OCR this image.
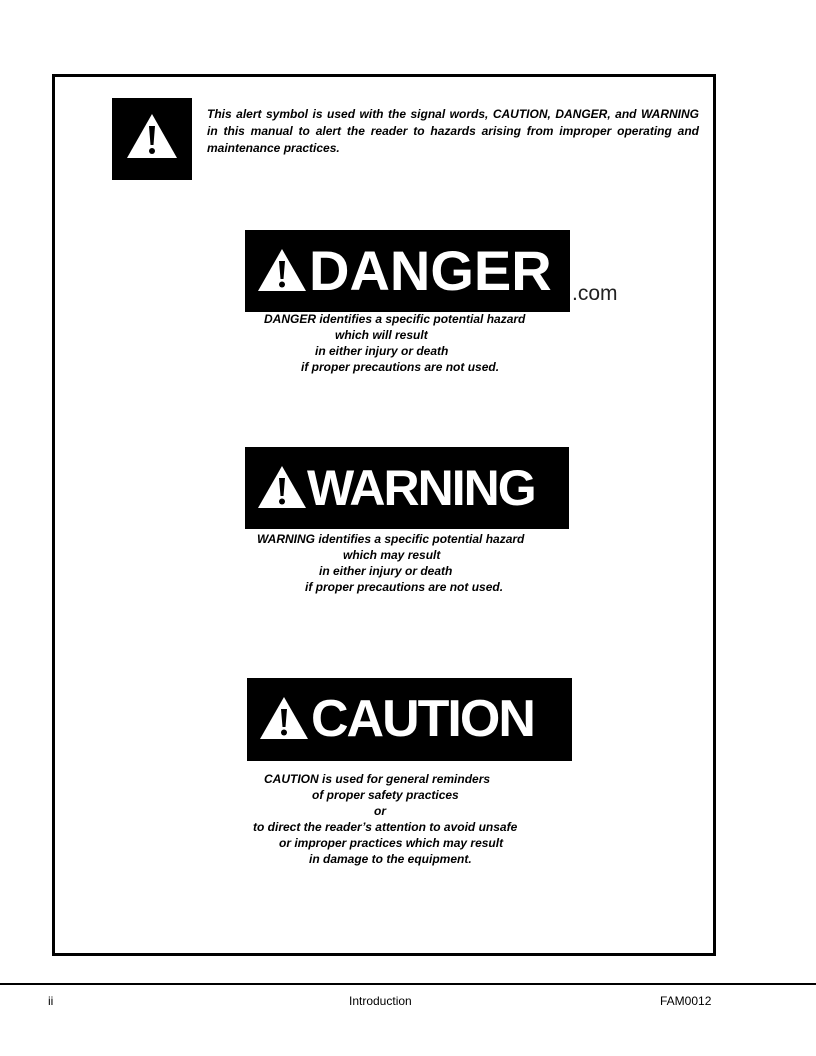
This alert symbol is used with the signal words, CAUTION, DANGER, and WARNING in this manual to alert the reader to hazards arising from improper operating and maintenance practices.
DANGER .com
DANGER identifies a specific potential hazard
which will result
in either injury or death
if proper precautions are not used.
WARNING
WARNING identifies a specific potential hazard
which may result
in either injury or death
if proper precautions are not used.
CAUTION
CAUTION is used for general reminders
of proper safety practices
or
to direct the reader’s attention to avoid unsafe
or improper practices which may result
in damage to the equipment.
ii	Introduction	FAM0012
